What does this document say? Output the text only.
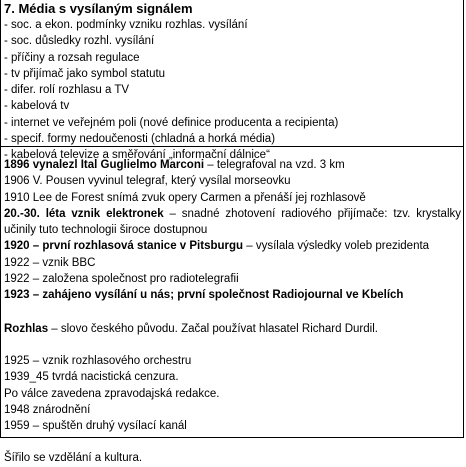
7. Média s vysílaným signálem

- soc. a ekon. podmínky vzniku rozhlas. vysílání
- soc. důsledky rozhl. vysílání
- příčiny a rozsah regulace
- tv přijímač jako symbol statutu
- difer. rolí rozhlasu a TV
- kabelová tv
- internet ve veřejném poli (nové definice producenta a recipienta)
- specif. formy nedoučenosti (chladná a horká média)
- kabelová televize a směřování „informační dálnice“

1896 vynalezl Ital Guglielmo Marconi – telegrafoval na vzd. 3 km

1906 V. Pousen vyvinul telegraf, který vysílal morseovku

1910 Lee de Forest snímá zvuk opery Carmen a přenáší jej rozhlasově

20.-30. léta vznik elektronek – snadné zhotovení radiového přijímače: tzv. krystalky učinily tuto technologii široce dostupnou

1920 – první rozhlasová stanice v Pitsburgu – vysílala výsledky voleb prezidenta

1922 – vznik BBC

1922 – založena společnost pro radiotelegrafii

1923 – zahájeno vysílání u nás; první společnost Radiojournal ve Kbelích

Rozhlas – slovo českého původu. Začal používat hlasatel Richard Durdil.

1925 – vznik rozhlasového orchestru

1939_45 tvrdá nacistická cenzura.

Po válce zavedena zpravodajská redakce.

1948 znárodnění

1959 – spuštěn druhý vysílací kanál

Šířilo se vzdělání a kultura.
